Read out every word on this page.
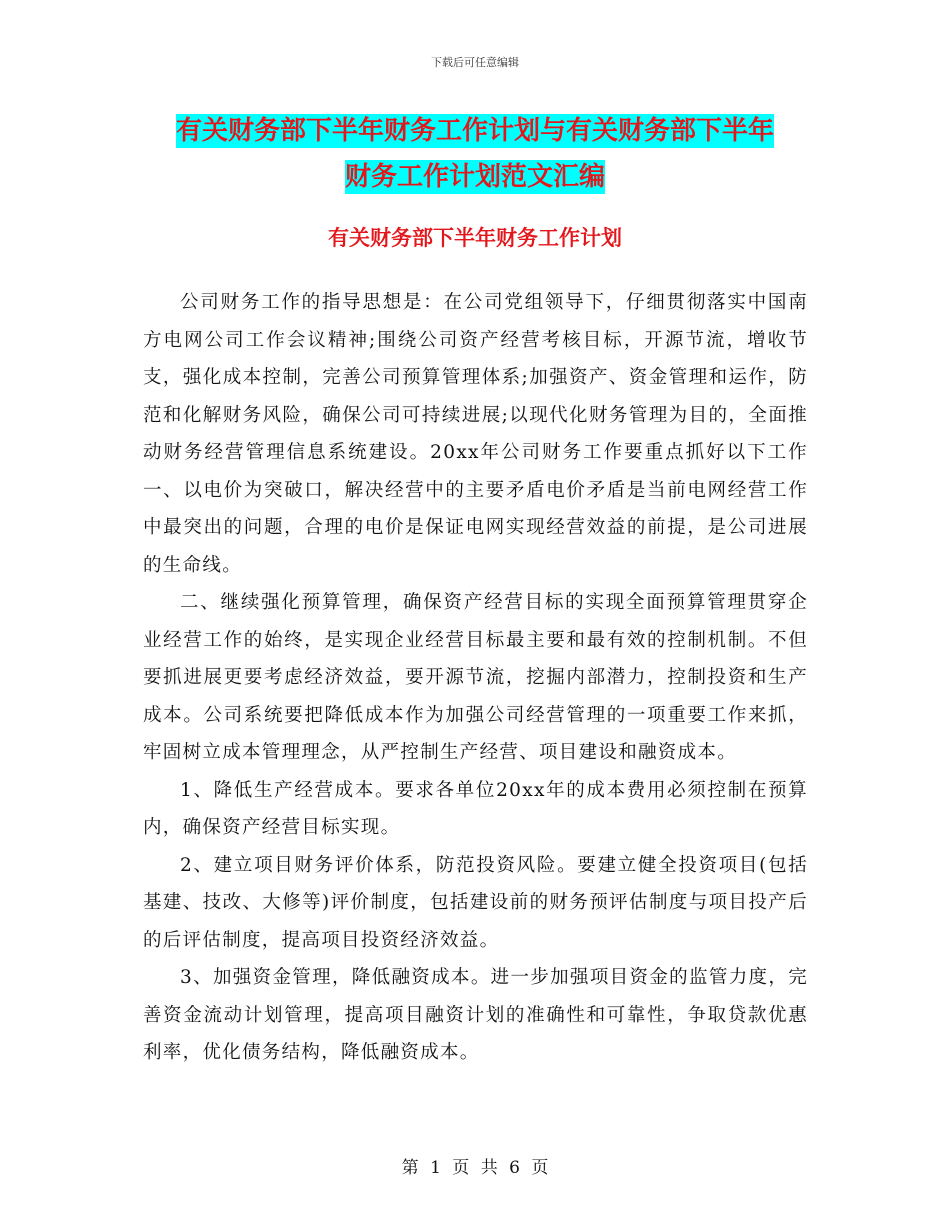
下载后可任意编辑
有关财务部下半年财务工作计划与有关财务部下半年
财务工作计划范文汇编
有关财务部下半年财务工作计划

公司财务工作的指导思想是：在公司党组领导下，仔细贯彻落实中国南方电网公司工作会议精神;围绕公司资产经营考核目标，开源节流，增收节支，强化成本控制，完善公司预算管理体系;加强资产、资金管理和运作，防范和化解财务风险，确保公司可持续进展;以现代化财务管理为目的，全面推动财务经营管理信息系统建设。20xx年公司财务工作要重点抓好以下工作一、以电价为突破口，解决经营中的主要矛盾电价矛盾是当前电网经营工作中最突出的问题，合理的电价是保证电网实现经营效益的前提，是公司进展的生命线。

二、继续强化预算管理，确保资产经营目标的实现全面预算管理贯穿企业经营工作的始终，是实现企业经营目标最主要和最有效的控制机制。不但要抓进展更要考虑经济效益，要开源节流，挖掘内部潜力，控制投资和生产成本。公司系统要把降低成本作为加强公司经营管理的一项重要工作来抓，牢固树立成本管理理念，从严控制生产经营、项目建设和融资成本。

1、降低生产经营成本。要求各单位20xx年的成本费用必须控制在预算内，确保资产经营目标实现。

2、建立项目财务评价体系，防范投资风险。要建立健全投资项目(包括基建、技改、大修等)评价制度，包括建设前的财务预评估制度与项目投产后的后评估制度，提高项目投资经济效益。

3、加强资金管理，降低融资成本。进一步加强项目资金的监管力度，完善资金流动计划管理，提高项目融资计划的准确性和可靠性，争取贷款优惠利率，优化债务结构，降低融资成本。

第 1 页 共 6 页
